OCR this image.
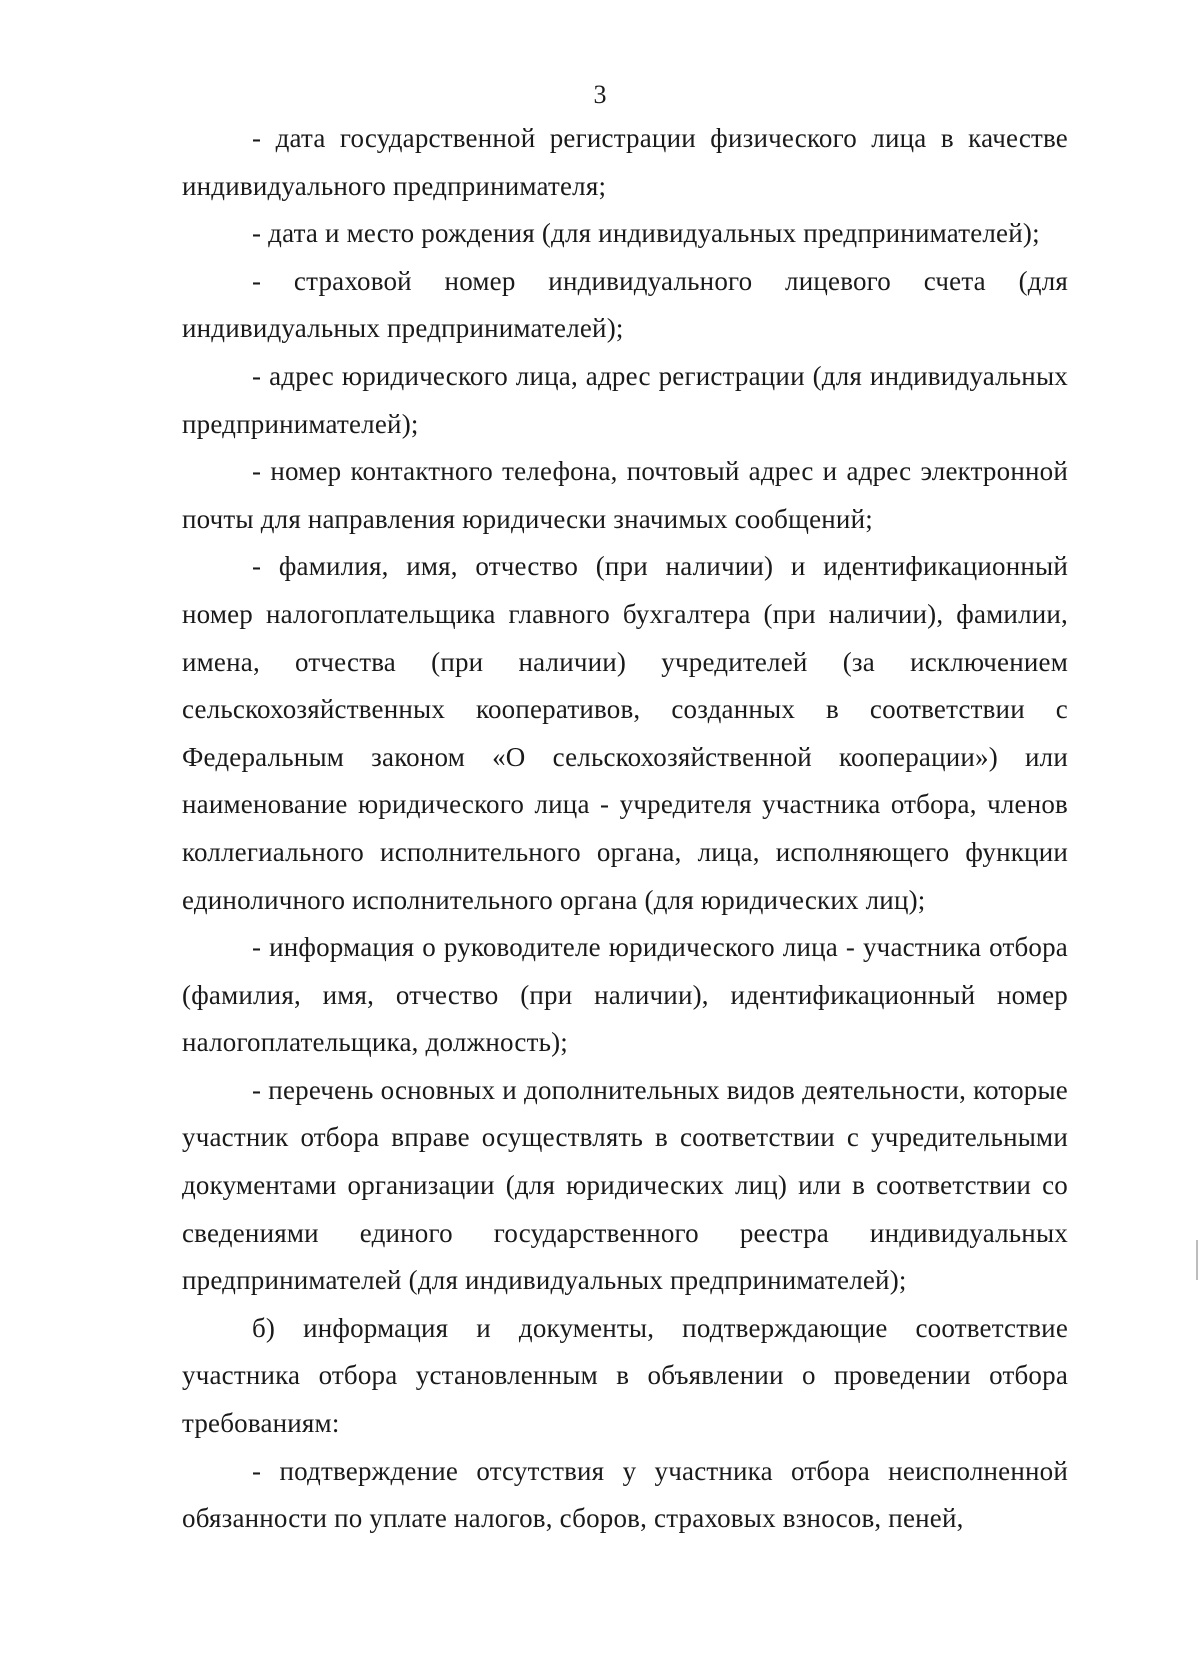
3

- дата государственной регистрации физического лица в качестве индивидуального предпринимателя;

- дата и место рождения (для индивидуальных предпринимателей);

- страховой номер индивидуального лицевого счета (для индивидуальных предпринимателей);

- адрес юридического лица, адрес регистрации (для индивидуальных предпринимателей);

- номер контактного телефона, почтовый адрес и адрес электронной почты для направления юридически значимых сообщений;

- фамилия, имя, отчество (при наличии) и идентификационный номер налогоплательщика главного бухгалтера (при наличии), фамилии, имена, отчества (при наличии) учредителей (за исключением сельскохозяйственных кооперативов, созданных в соответствии с Федеральным законом «О сельскохозяйственной кооперации») или наименование юридического лица - учредителя участника отбора, членов коллегиального исполнительного органа, лица, исполняющего функции единоличного исполнительного органа (для юридических лиц);

- информация о руководителе юридического лица - участника отбора (фамилия, имя, отчество (при наличии), идентификационный номер налогоплательщика, должность);

- перечень основных и дополнительных видов деятельности, которые участник отбора вправе осуществлять в соответствии с учредительными документами организации (для юридических лиц) или в соответствии со сведениями единого государственного реестра индивидуальных предпринимателей (для индивидуальных предпринимателей);

б) информация и документы, подтверждающие соответствие участника отбора установленным в объявлении о проведении отбора требованиям:

- подтверждение отсутствия у участника отбора неисполненной обязанности по уплате налогов, сборов, страховых взносов, пеней,
